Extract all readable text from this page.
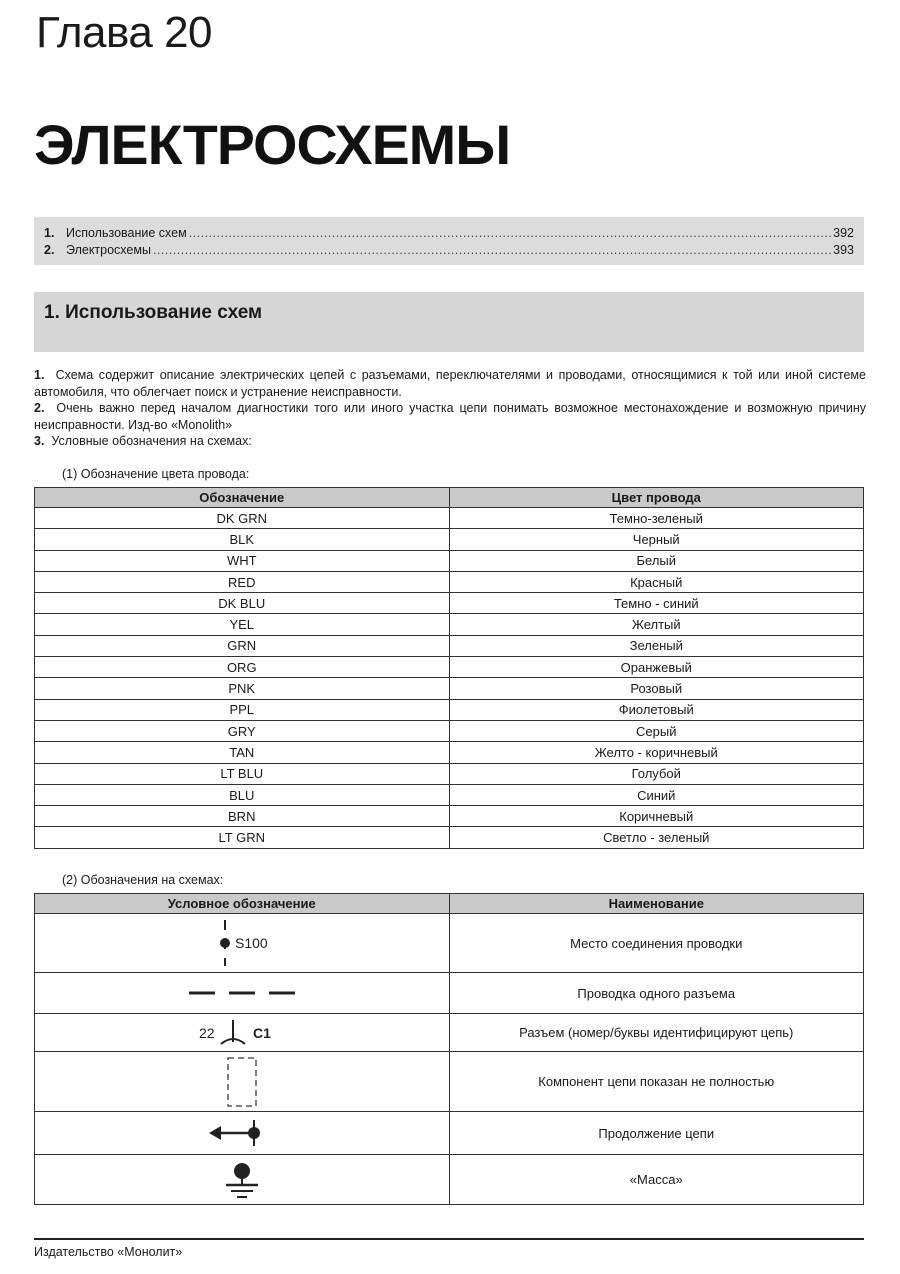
Глава 20
ЭЛЕКТРОСХЕМЫ
1. Использование схем .....	392
2. Электросхемы .....	393
1. Использование схем

1. Схема содержит описание электрических цепей с разъемами, переключателями и проводами, относящимися к той или иной системе автомобиля, что облегчает поиск и устранение неисправности.

2. Очень важно перед началом диагностики того или иного участка цепи понимать возможное местонахождение и возможную причину неисправности. Изд-во «Monolith»

3. Условные обозначения на схемах:

(1) Обозначение цвета провода:
Обозначение	Цвет провода
DK GRN	Темно-зеленый
BLK	Черный
WHT	Белый
RED	Красный
DK BLU	Темно - синий
YEL	Желтый
GRN	Зеленый
ORG	Оранжевый
PNK	Розовый
PPL	Фиолетовый
GRY	Серый
TAN	Желто - коричневый
LT BLU	Голубой
BLU	Синий
BRN	Коричневый
LT GRN	Светло - зеленый
(2) Обозначения на схемах:
Условное обозначение	Наименование

S100	Место соединения проводки

	Проводка одного разъема

22 C1	Разъем (номер/буквы идентифицируют цепь)

	Компонент цепи показан не полностью

	Продолжение цепи

	«Масса»
Издательство «Монолит»
